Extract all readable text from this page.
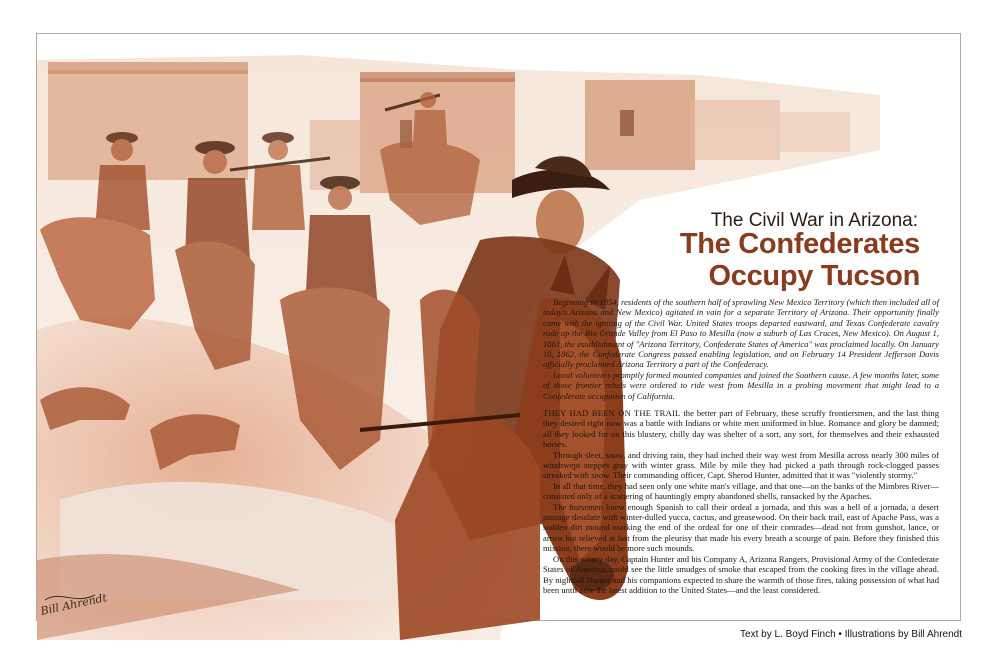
Bill Ahrendt
The Civil War in Arizona:
The Confederates
Occupy Tucson

Beginning in 1854, residents of the southern half of sprawling New Mexico Territory (which then included all of today's Arizona and New Mexico) agitated in vain for a separate Territory of Arizona. Their opportunity finally came with the igniting of the Civil War. United States troops departed eastward, and Texas Confederate cavalry rode up the Rio Grande Valley from El Paso to Mesilla (now a suburb of Las Cruces, New Mexico). On August 1, 1861, the establishment of "Arizona Territory, Confederate States of America" was proclaimed locally. On January 18, 1862, the Confederate Congress passed enabling legislation, and on February 14 President Jefferson Davis officially proclaimed Arizona Territory a part of the Confederacy.

Local volunteers promptly formed mounted companies and joined the Southern cause. A few months later, some of those frontier rebels were ordered to ride west from Mesilla in a probing movement that might lead to a Confederate occupation of California.

THEY HAD BEEN ON THE TRAIL the better part of February, these scruffy frontiersmen, and the last thing they desired right now was a battle with Indians or white men uniformed in blue. Romance and glory be damned; all they looked for on this blustery, chilly day was shelter of a sort, any sort, for themselves and their exhausted horses.

Through sleet, snow, and driving rain, they had inched their way west from Mesilla across nearly 300 miles of windswept steppes gray with winter grass. Mile by mile they had picked a path through rock-clogged passes streaked with snow. Their commanding officer, Capt. Sherod Hunter, admitted that it was "violently stormy."

In all that time, they had seen only one white man's village, and that one—on the banks of the Mimbres River—consisted only of a scattering of hauntingly empty abandoned shells, ransacked by the Apaches.

The horsemen knew enough Spanish to call their ordeal a jornada, and this was a hell of a jornada, a desert passage desolate with winter-dulled yucca, cactus, and greasewood. On their back trail, east of Apache Pass, was a sodden dirt mound marking the end of the ordeal for one of their comrades—dead not from gunshot, lance, or arrow but relieved at last from the pleurisy that made his every breath a scourge of pain. Before they finished this mission, there would be more such mounds.

On this wintry day, Captain Hunter and his Company A, Arizona Rangers, Provisional Army of the Confederate States of America, could see the little smudges of smoke that escaped from the cooking fires in the village ahead. By nightfall Hunter and his companions expected to share the warmth of those fires, taking possession of what had been until now the latest addition to the United States—and the least considered.

Text by L. Boyd Finch • Illustrations by Bill Ahrendt
